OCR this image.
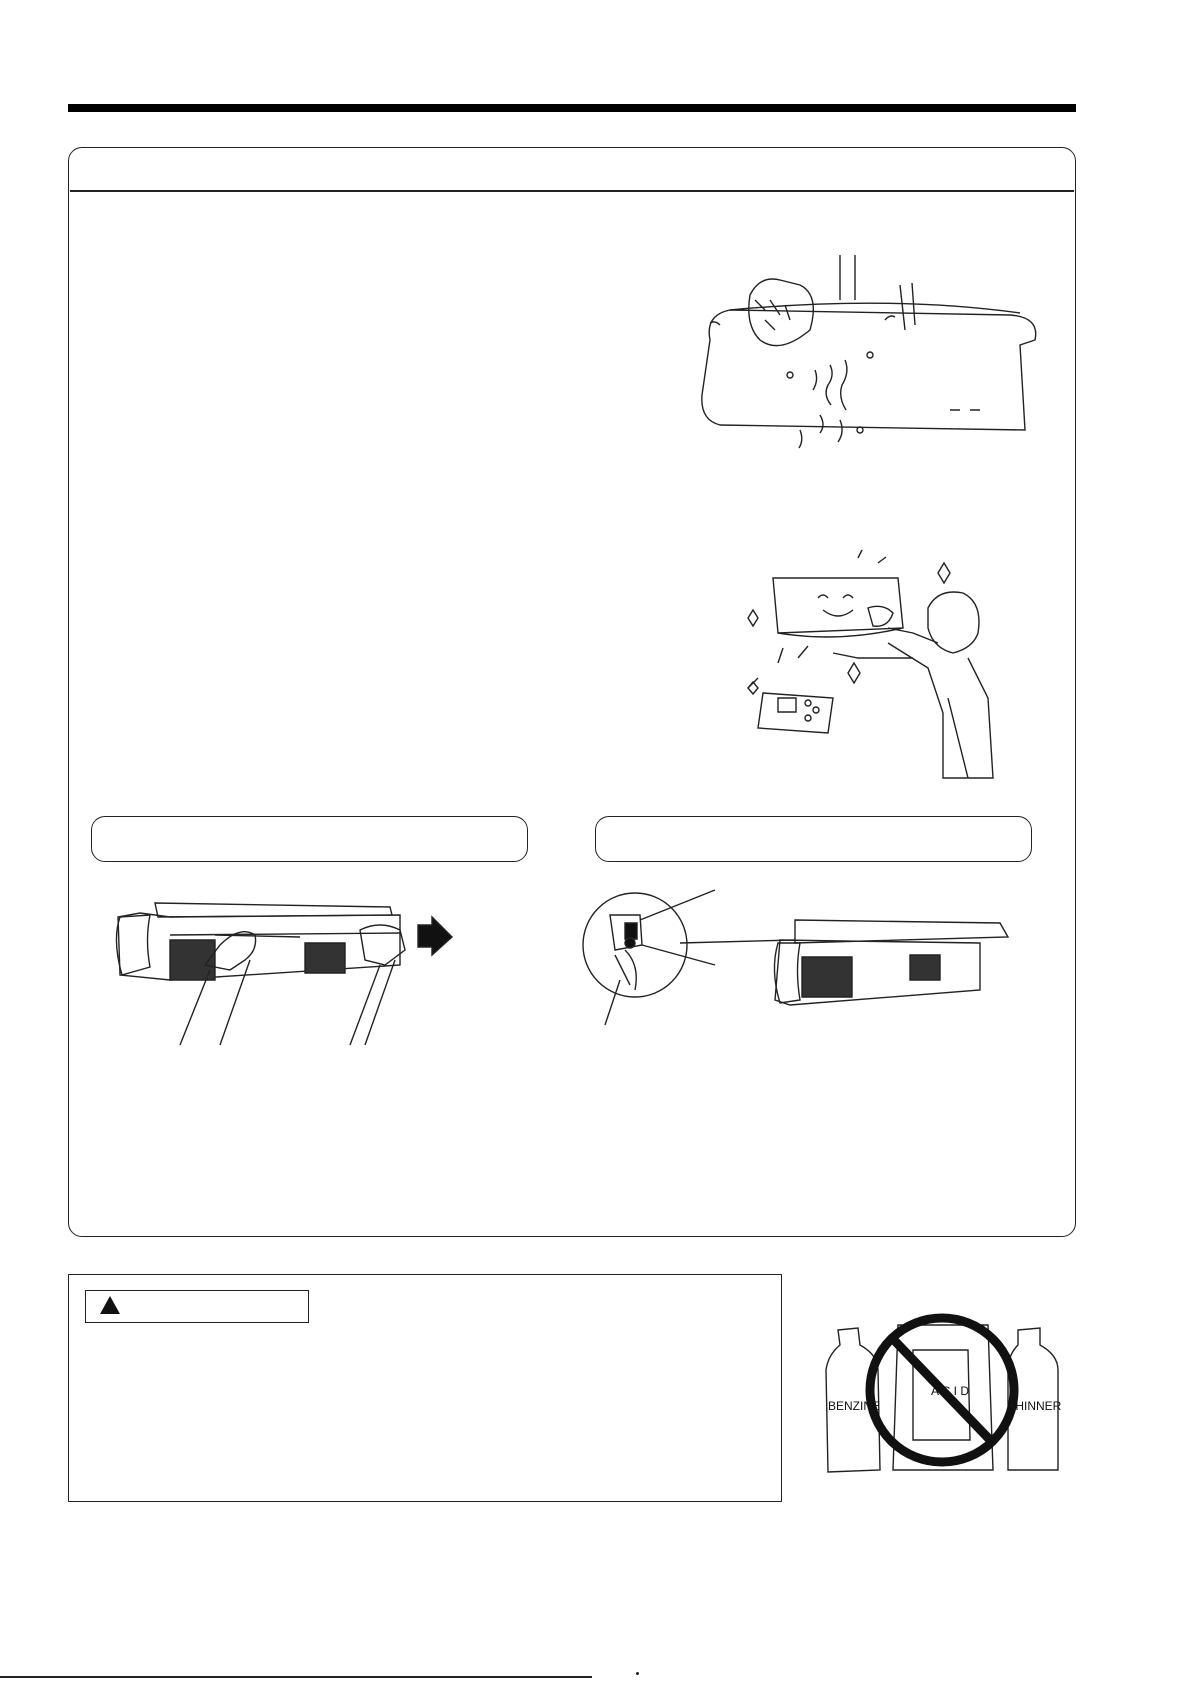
BENZINE
A C I D
THINNER
